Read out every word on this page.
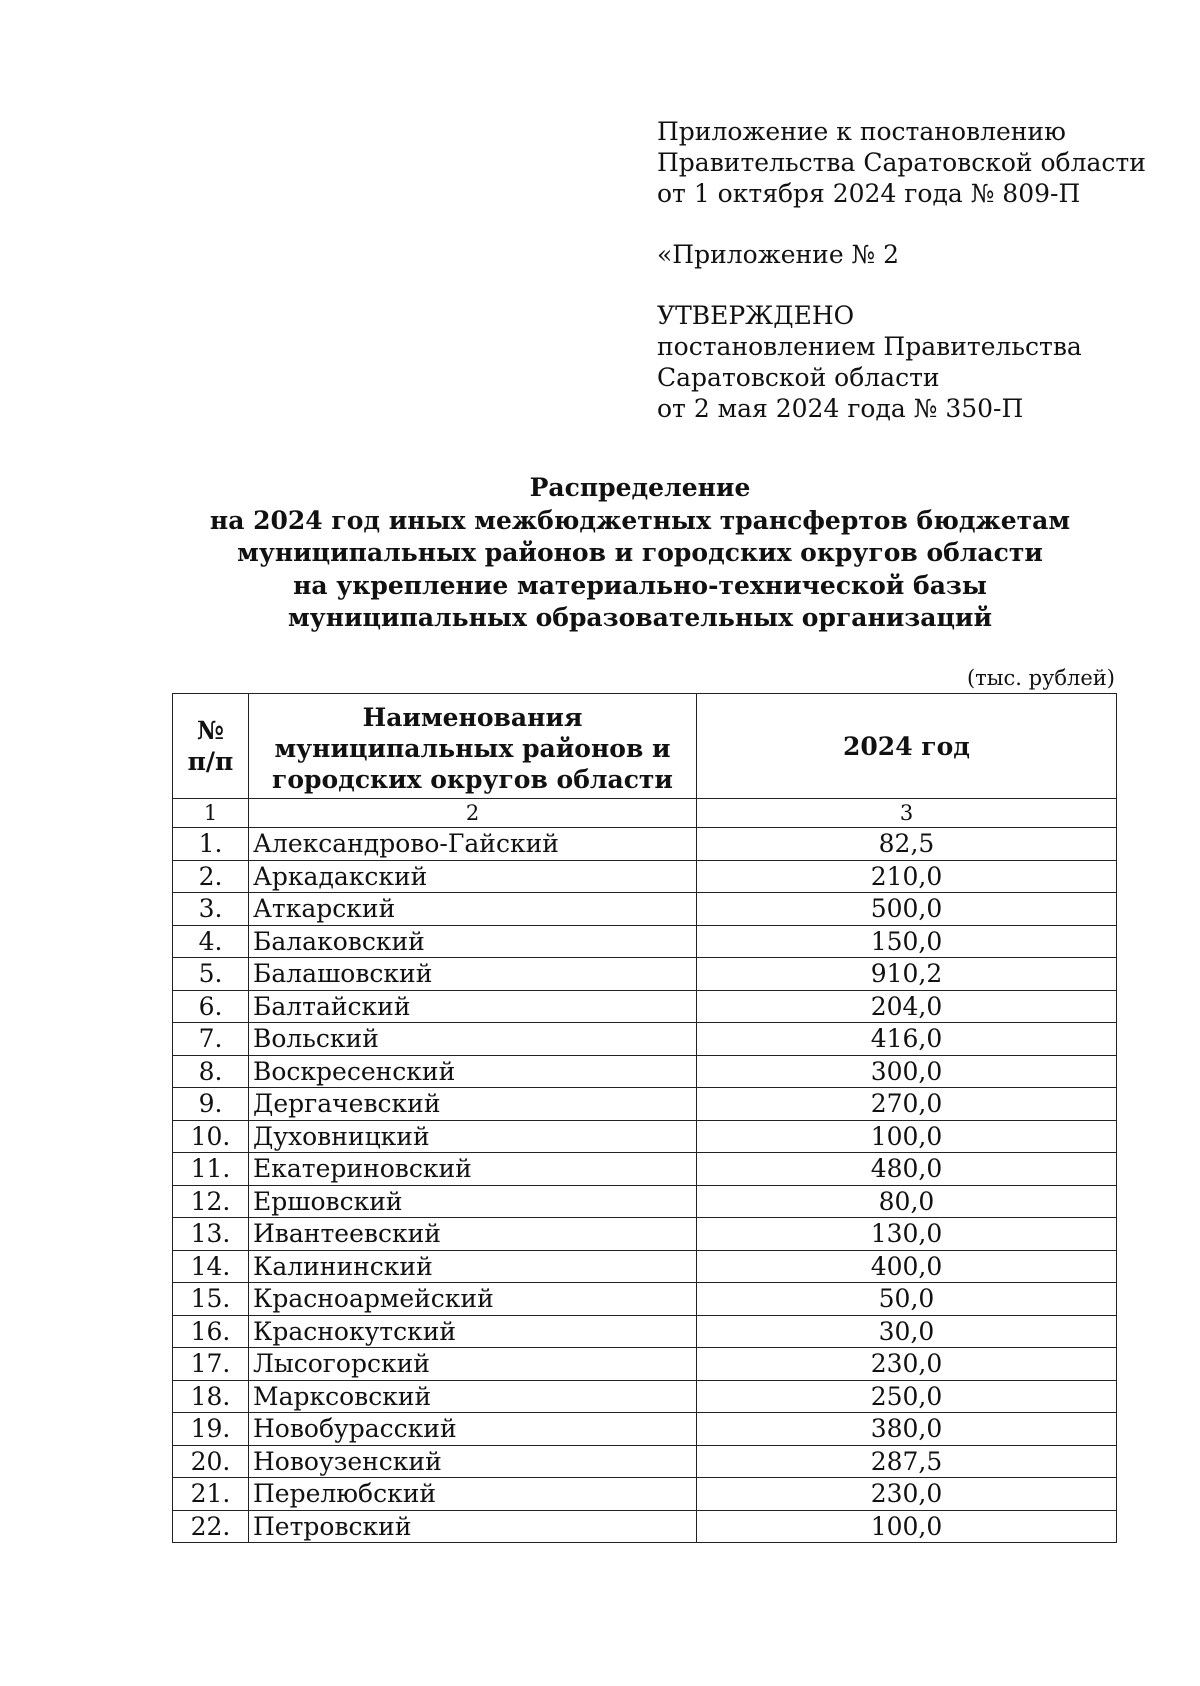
Приложение к постановлению
Правительства Саратовской области
от 1 октября 2024 года № 809-П
«Приложение № 2
УТВЕРЖДЕНО
постановлением Правительства
Саратовской области
от 2 мая 2024 года № 350-П
Распределение
на 2024 год иных межбюджетных трансфертов бюджетам
муниципальных районов и городских округов области
на укрепление материально-технической базы
муниципальных образовательных организаций
(тыс. рублей)
№
п/п	Наименования муниципальных районов и городских округов области	2024 год
1	2	3
1.	Александрово-Гайский	82,5
2.	Аркадакский	210,0
3.	Аткарский	500,0
4.	Балаковский	150,0
5.	Балашовский	910,2
6.	Балтайский	204,0
7.	Вольский	416,0
8.	Воскресенский	300,0
9.	Дергачевский	270,0
10.	Духовницкий	100,0
11.	Екатериновский	480,0
12.	Ершовский	80,0
13.	Ивантеевский	130,0
14.	Калининский	400,0
15.	Красноармейский	50,0
16.	Краснокутский	30,0
17.	Лысогорский	230,0
18.	Марксовский	250,0
19.	Новобурасский	380,0
20.	Новоузенский	287,5
21.	Перелюбский	230,0
22.	Петровский	100,0
